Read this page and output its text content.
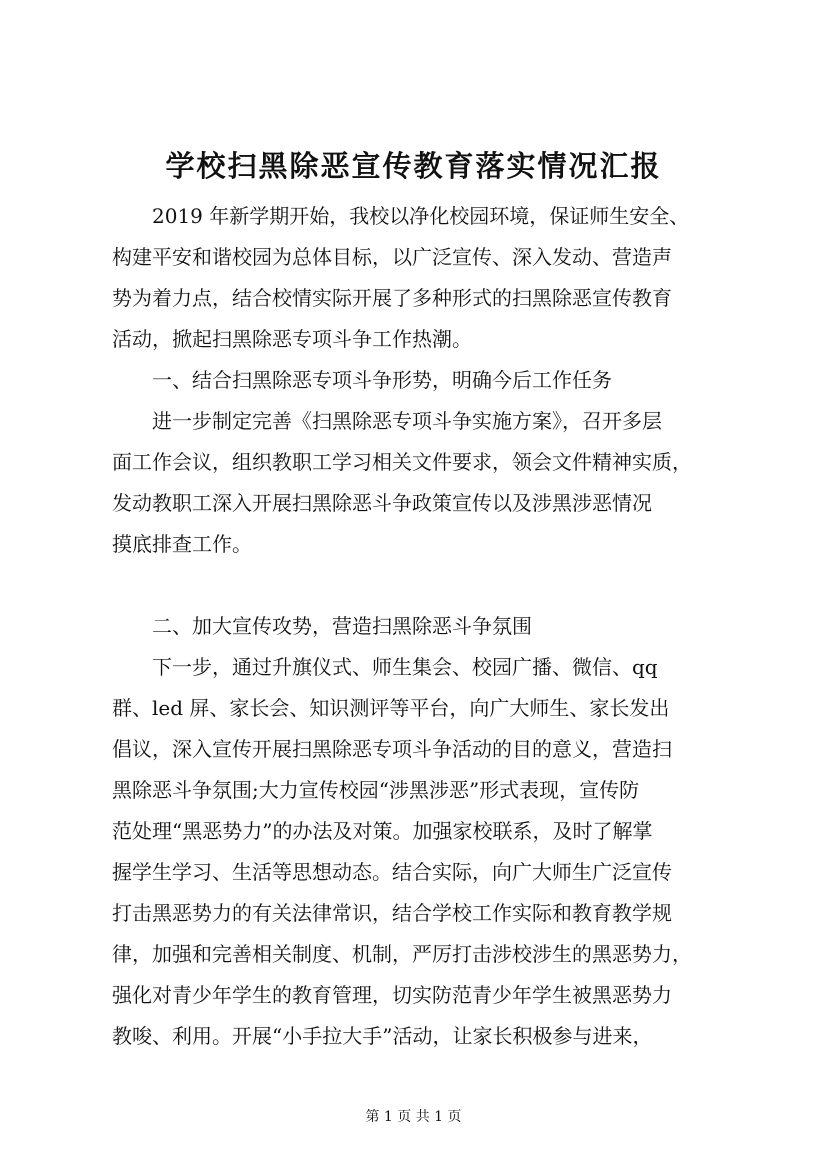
学校扫黑除恶宣传教育落实情况汇报

　　2019 年新学期开始，我校以净化校园环境，保证师生安全、

构建平安和谐校园为总体目标，以广泛宣传、深入发动、营造声

势为着力点，结合校情实际开展了多种形式的扫黑除恶宣传教育

活动，掀起扫黑除恶专项斗争工作热潮。

　　一、结合扫黑除恶专项斗争形势，明确今后工作任务

　　进一步制定完善《扫黑除恶专项斗争实施方案》，召开多层

面工作会议，组织教职工学习相关文件要求，领会文件精神实质，

发动教职工深入开展扫黑除恶斗争政策宣传以及涉黑涉恶情况

摸底排查工作。

　　二、加大宣传攻势，营造扫黑除恶斗争氛围

　　下一步，通过升旗仪式、师生集会、校园广播、微信、qq

群、led 屏、家长会、知识测评等平台，向广大师生、家长发出

倡议，深入宣传开展扫黑除恶专项斗争活动的目的意义，营造扫

黑除恶斗争氛围;大力宣传校园“涉黑涉恶”形式表现，宣传防

范处理“黑恶势力”的办法及对策。加强家校联系，及时了解掌

握学生学习、生活等思想动态。结合实际，向广大师生广泛宣传

打击黑恶势力的有关法律常识，结合学校工作实际和教育教学规

律，加强和完善相关制度、机制，严厉打击涉校涉生的黑恶势力，

强化对青少年学生的教育管理，切实防范青少年学生被黑恶势力

教唆、利用。开展“小手拉大手”活动，让家长积极参与进来，

第 1 页 共 1 页
